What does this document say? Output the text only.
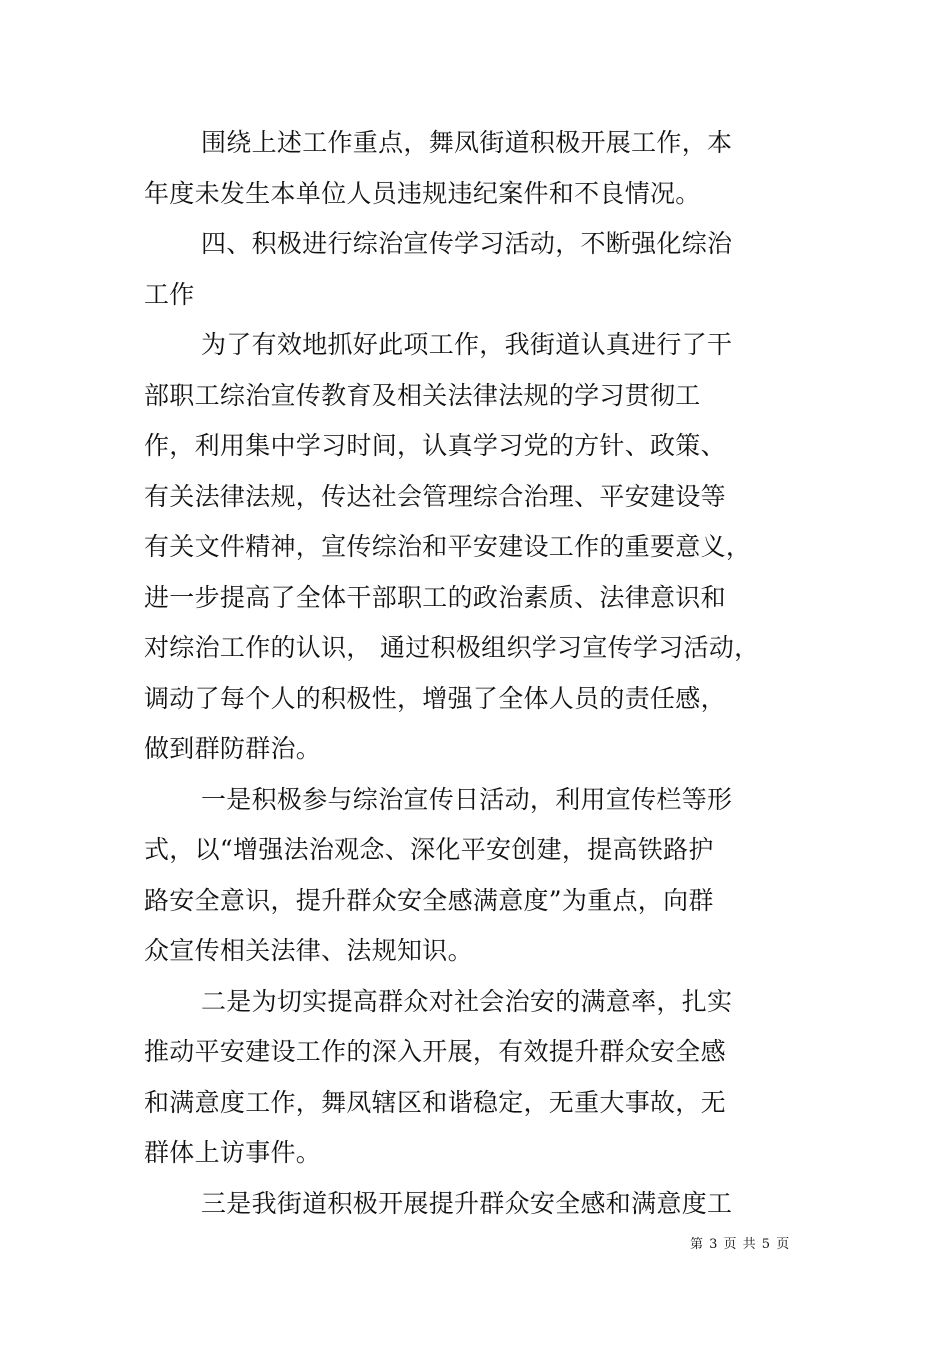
围绕上述工作重点，舞凤街道积极开展工作，本
年度未发生本单位人员违规违纪案件和不良情况。
四、积极进行综治宣传学习活动，不断强化综治
工作
为了有效地抓好此项工作，我街道认真进行了干
部职工综治宣传教育及相关法律法规的学习贯彻工
作，利用集中学习时间，认真学习党的方针、政策、
有关法律法规，传达社会管理综合治理、平安建设等
有关文件精神，宣传综治和平安建设工作的重要意义，
进一步提高了全体干部职工的政治素质、法律意识和
对综治工作的认识， 通过积极组织学习宣传学习活动，
调动了每个人的积极性，增强了全体人员的责任感，
做到群防群治。
一是积极参与综治宣传日活动，利用宣传栏等形
式，以“增强法治观念、深化平安创建，提高铁路护
路安全意识，提升群众安全感满意度”为重点，向群
众宣传相关法律、法规知识。
二是为切实提高群众对社会治安的满意率，扎实
推动平安建设工作的深入开展，有效提升群众安全感
和满意度工作，舞凤辖区和谐稳定，无重大事故，无
群体上访事件。
三是我街道积极开展提升群众安全感和满意度工
第 3 页 共 5 页
